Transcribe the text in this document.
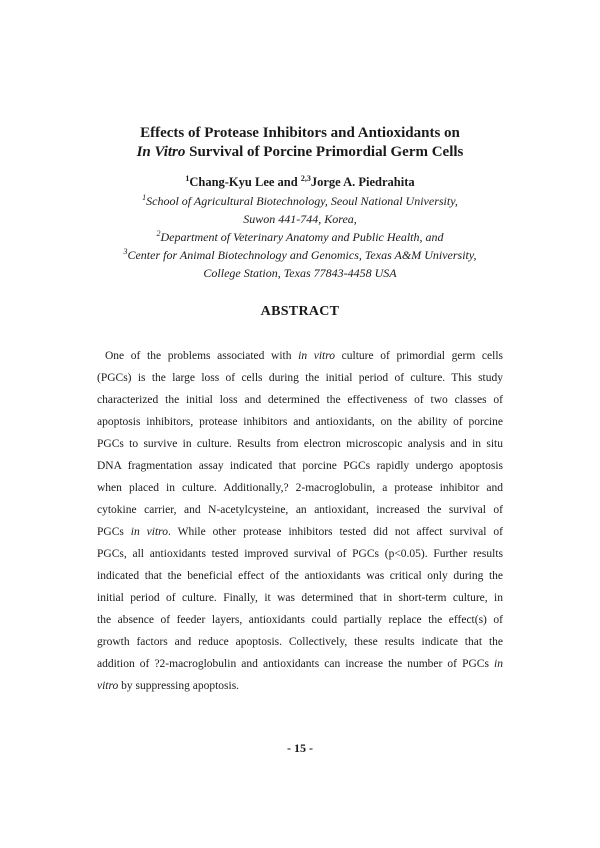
Effects of Protease Inhibitors and Antioxidants on
In Vitro Survival of Porcine Primordial Germ Cells
$^1$Chang-Kyu Lee and $^{2,3}$Jorge A. Piedrahita
$^1$School of Agricultural Biotechnology, Seoul National University,
Suwon 441-744, Korea,
$^2$Department of Veterinary Anatomy and Public Health, and
$^3$Center for Animal Biotechnology and Genomics, Texas A&M University,
College Station, Texas 77843-4458 USA
ABSTRACT
One of the problems associated with in vitro culture of primordial germ cells
(PGCs) is the large loss of cells during the initial period of culture. This study
characterized the initial loss and determined the effectiveness of two classes of
apoptosis inhibitors, protease inhibitors and antioxidants, on the ability of porcine
PGCs to survive in culture. Results from electron microscopic analysis and in situ
DNA fragmentation assay indicated that porcine PGCs rapidly undergo apoptosis
when placed in culture. Additionally,? 2-macroglobulin, a protease inhibitor and
cytokine carrier, and N-acetylcysteine, an antioxidant, increased the survival of
PGCs in vitro. While other protease inhibitors tested did not affect survival of
PGCs, all antioxidants tested improved survival of PGCs (p<0.05). Further results
indicated that the beneficial effect of the antioxidants was critical only during the
initial period of culture. Finally, it was determined that in short-term culture, in
the absence of feeder layers, antioxidants could partially replace the effect(s) of
growth factors and reduce apoptosis. Collectively, these results indicate that the
addition of ?2-macroglobulin and antioxidants can increase the number of PGCs in
vitro by suppressing apoptosis.
- 15 -
